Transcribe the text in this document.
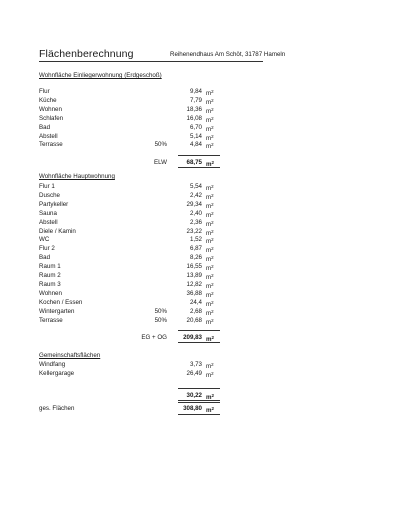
Flächenberechnung	Reihenendhaus Am Schöt, 31787 Hameln
Wohnfläche Einliegerwohnung (Erdgeschoß)
Flur	9,84 $m^2$
Küche	7,79 $m^2$
Wohnen	18,36 $m^2$
Schlafen	16,08 $m^2$
Bad	6,70 $m^2$
Abstell	5,14 $m^2$
Terrasse	50%	4,84 $m^2$
ELW	68,75 $m^2$
Wohnfläche Hauptwohnung
Flur 1	5,54 $m^2$
Dusche	2,42 $m^2$
Partykeller	29,34 $m^2$
Sauna	2,40 $m^2$
Abstell	2,36 $m^2$
Diele / Kamin	23,22 $m^2$
WC	1,52 $m^2$
Flur 2	6,87 $m^2$
Bad	8,26 $m^2$
Raum 1	16,55 $m^2$
Raum 2	13,89 $m^2$
Raum 3	12,82 $m^2$
Wohnen	36,88 $m^2$
Kochen / Essen	24,4 $m^2$
Wintergarten	50%	2,68 $m^2$
Terrasse	50%	20,68 $m^2$
EG + OG	209,83 $m^2$
Gemeinschaftsflächen
Windfang	3,73 $m^2$
Kellergarage	26,49 $m^2$
30,22 $m^2$
ges. Flächen	308,80 $m^2$
